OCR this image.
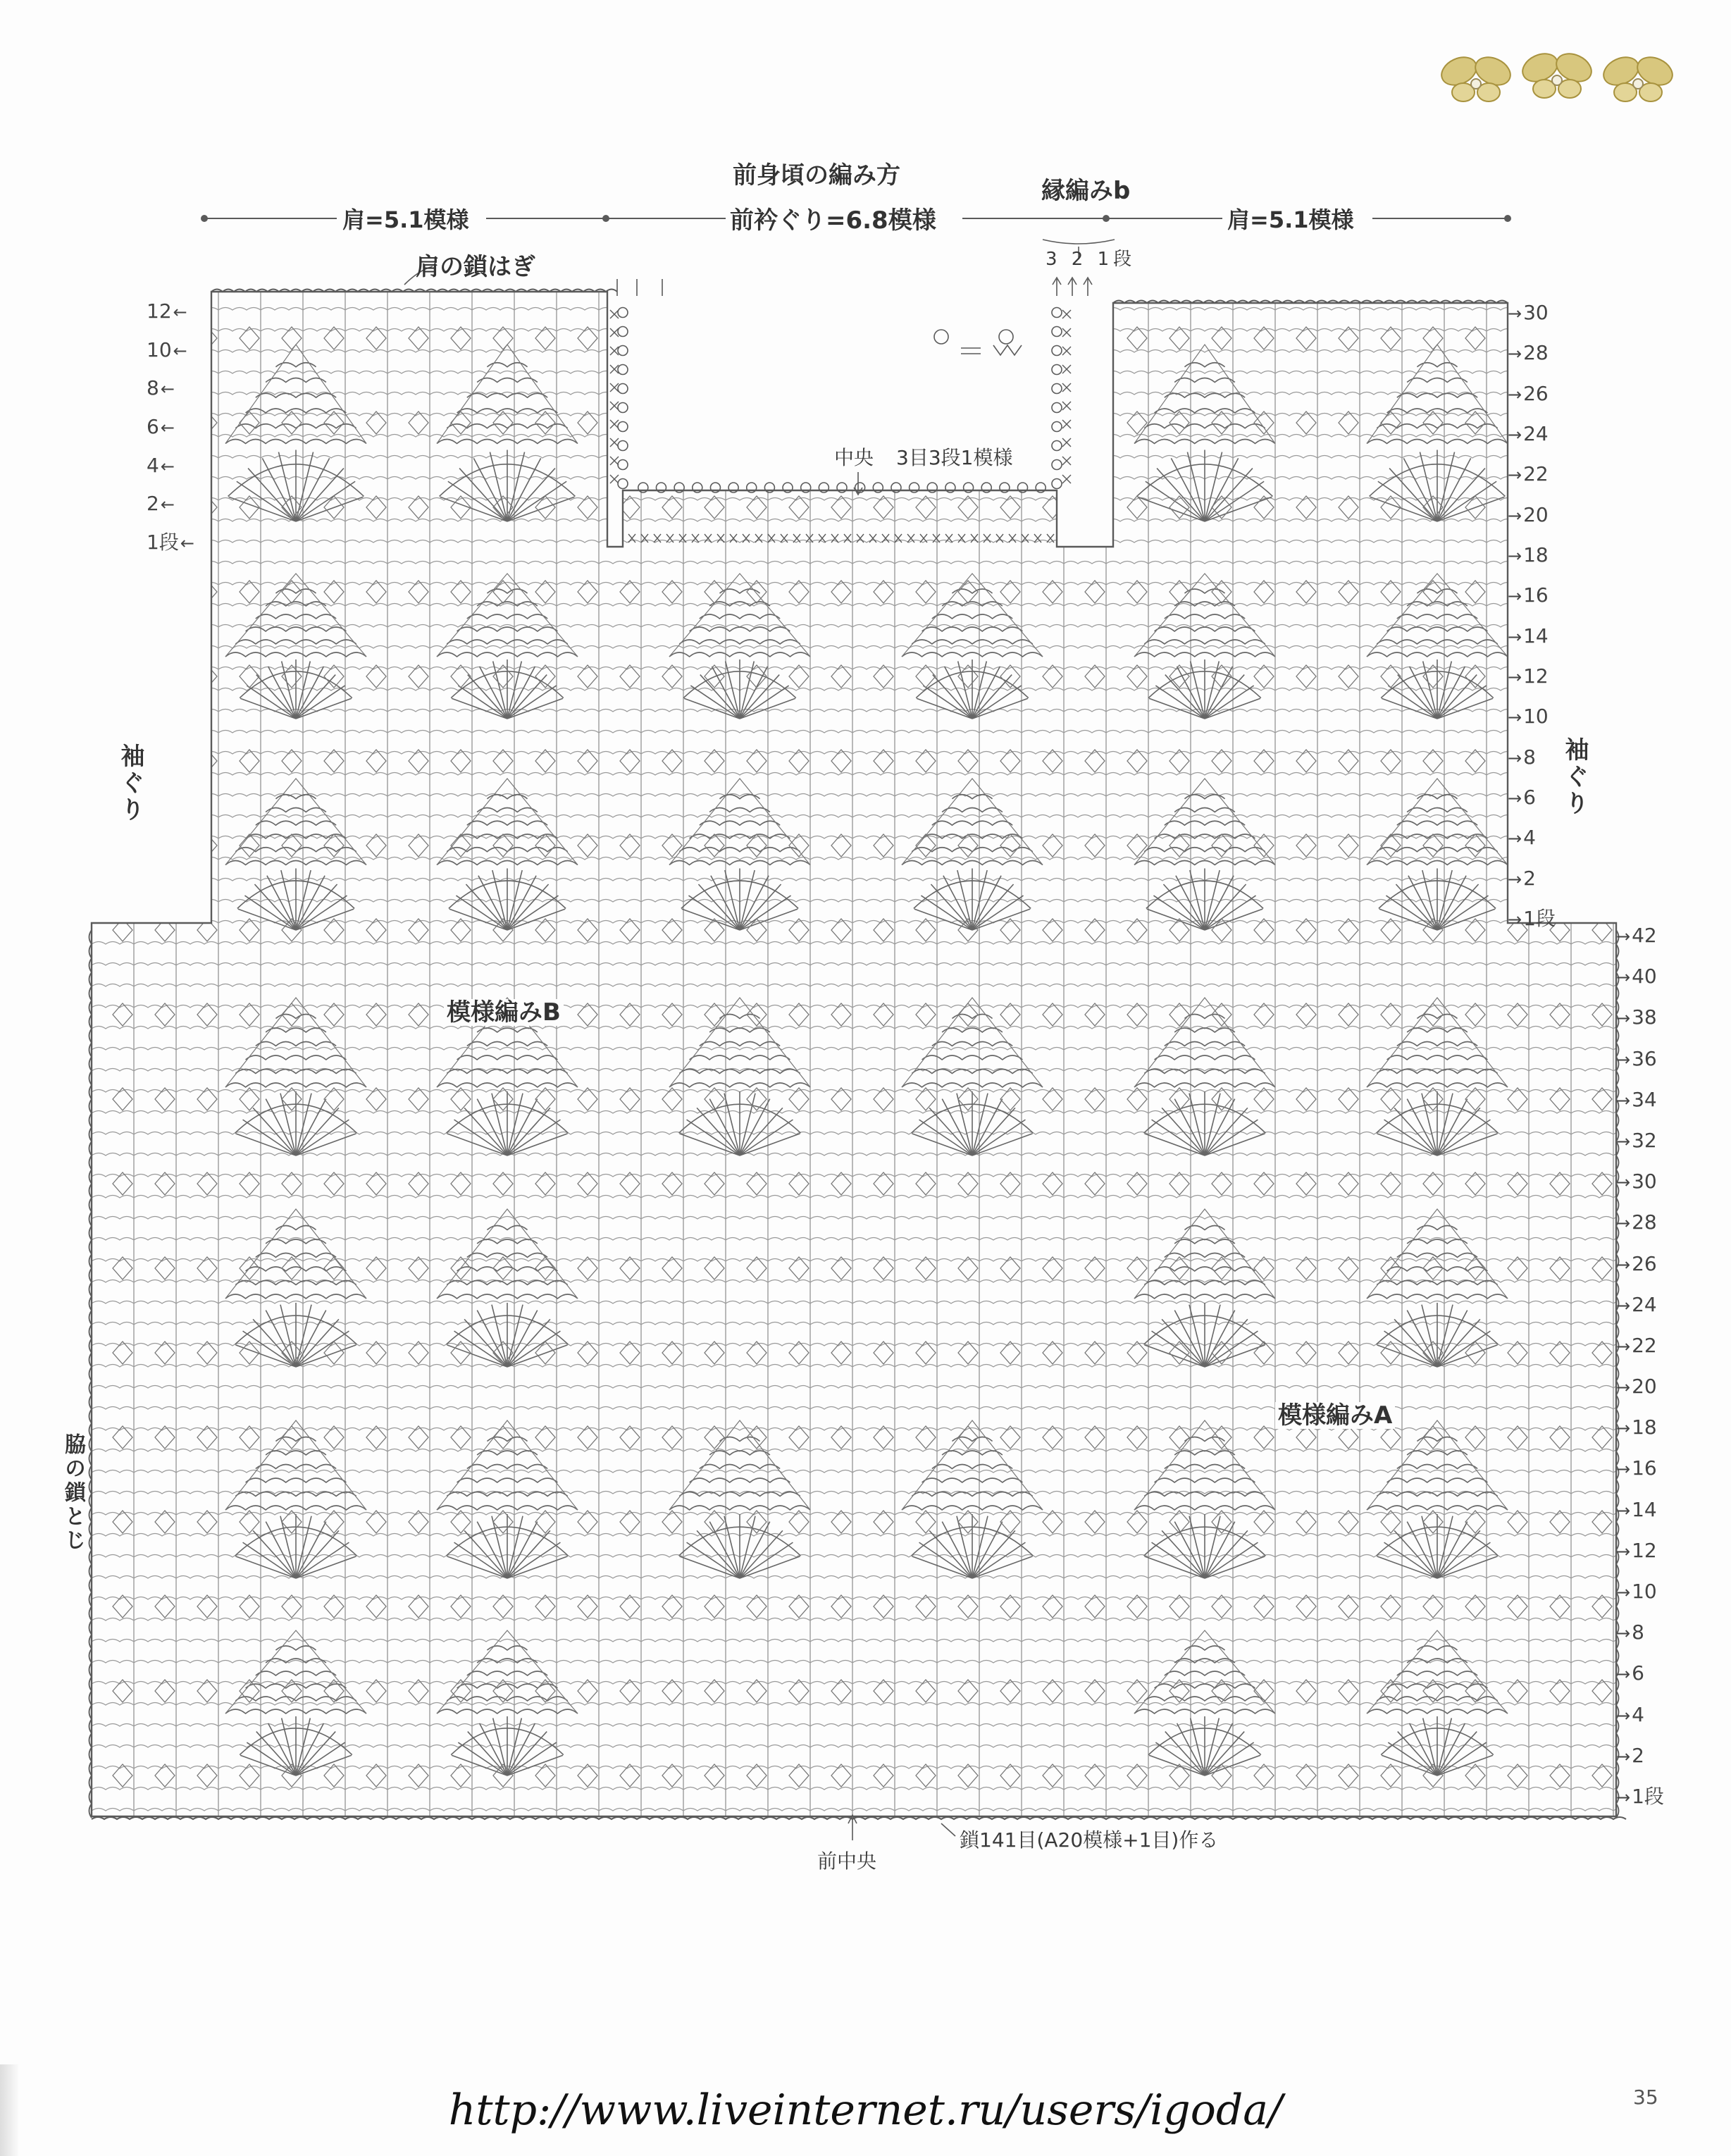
前身頃の編み方
前衿ぐり=6.8模様
肩=5.1模様	肩=5.1模様
縁編みb
3 2 1段
肩の鎖はぎ
中央 3目3段1模様
袖ぐり	袖ぐり
脇の鎖とじ
模様編みB
模様編みA
前中央
鎖141目(A20模様+1目)作る
12 ←
10 ←
8 ←
6 ←
4 ←
2 ←
1段 ←
→ 30
→ 28
→ 26
→ 24
→ 22
→ 20
→ 18
→ 16
→ 14
→ 12
→ 10
→ 8
→ 6
→ 4
→ 2
→ 1段
→ 42
→ 40
→ 38
→ 36
→ 34
→ 32
→ 30
→ 28
→ 26
→ 24
→ 22
→ 20
→ 18
→ 16
→ 14
→ 12
→ 10
→ 8
→ 6
→ 4
→ 2
→ 1段
http://www.liveinternet.ru/users/igoda/	35
